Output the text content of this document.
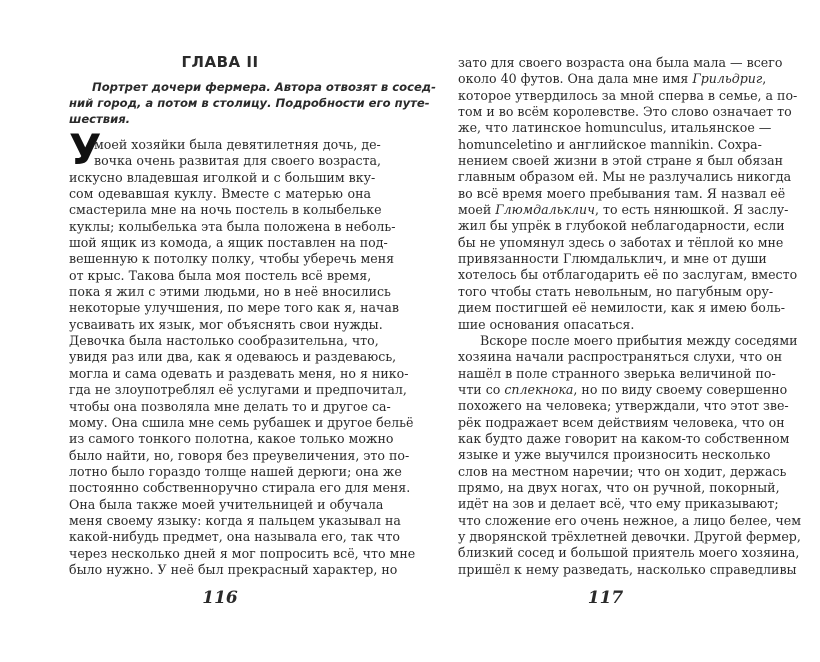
ГЛАВА II
Портрет дочери фермера. Автора отвозят в сосед-
ний город, а потом в столицу. Подробности его путе-
шествия.
У
моей хозяйки была девятилетняя дочь, де-
вочка очень развитая для своего возраста,
искусно владевшая иголкой и с большим вку-
сом одевавшая куклу. Вместе с матерью она
смастерила мне на ночь постель в колыбельке
куклы; колыбелька эта была положена в неболь-
шой ящик из комода, а ящик поставлен на под-
вешенную к потолку полку, чтобы уберечь меня
от крыс. Такова была моя постель всё время,
пока я жил с этими людьми, но в неё вносились
некоторые улучшения, по мере того как я, начав
усваивать их язык, мог объяснять свои нужды.
Девочка была настолько сообразительна, что,
увидя раз или два, как я одеваюсь и раздеваюсь,
могла и сама одевать и раздевать меня, но я нико-
гда не злоупотреблял её услугами и предпочитал,
чтобы она позволяла мне делать то и другое са-
мому. Она сшила мне семь рубашек и другое бельё
из самого тонкого полотна, какое только можно
было найти, но, говоря без преувеличения, это по-
лотно было гораздо толще нашей дерюги; она же
постоянно собственноручно стирала его для меня.
Она была также моей учительницей и обучала
меня своему языку: когда я пальцем указывал на
какой-нибудь предмет, она называла его, так что
через несколько дней я мог попросить всё, что мне
было нужно. У неё был прекрасный характер, но
116
зато для своего возраста она была мала — всего
около 40 футов. Она дала мне имя Грильдриг,
которое утвердилось за мной сперва в семье, а по-
том и во всём королевстве. Это слово означает то
же, что латинское homunculus, итальянское —
homunceletino и английское mannikin. Сохра-
нением своей жизни в этой стране я был обязан
главным образом ей. Мы не разлучались никогда
во всё время моего пребывания там. Я назвал её
моей Глюмдальклич, то есть нянюшкой. Я заслу-
жил бы упрёк в глубокой неблагодарности, если
бы не упомянул здесь о заботах и тёплой ко мне
привязанности Глюмдальклич, и мне от души
хотелось бы отблагодарить её по заслугам, вместо
того чтобы стать невольным, но пагубным ору-
дием постигшей её немилости, как я имею боль-
шие основания опасаться.
Вскоре после моего прибытия между соседями
хозяина начали распространяться слухи, что он
нашёл в поле странного зверька величиной по-
чти со сплекнока, но по виду своему совершенно
похожего на человека; утверждали, что этот зве-
рёк подражает всем действиям человека, что он
как будто даже говорит на каком-то собственном
языке и уже выучился произносить несколько
слов на местном наречии; что он ходит, держась
прямо, на двух ногах, что он ручной, покорный,
идёт на зов и делает всё, что ему приказывают;
что сложение его очень нежное, а лицо белее, чем
у дворянской трёхлетней девочки. Другой фермер,
близкий сосед и большой приятель моего хозяина,
пришёл к нему разведать, насколько справедливы
117
